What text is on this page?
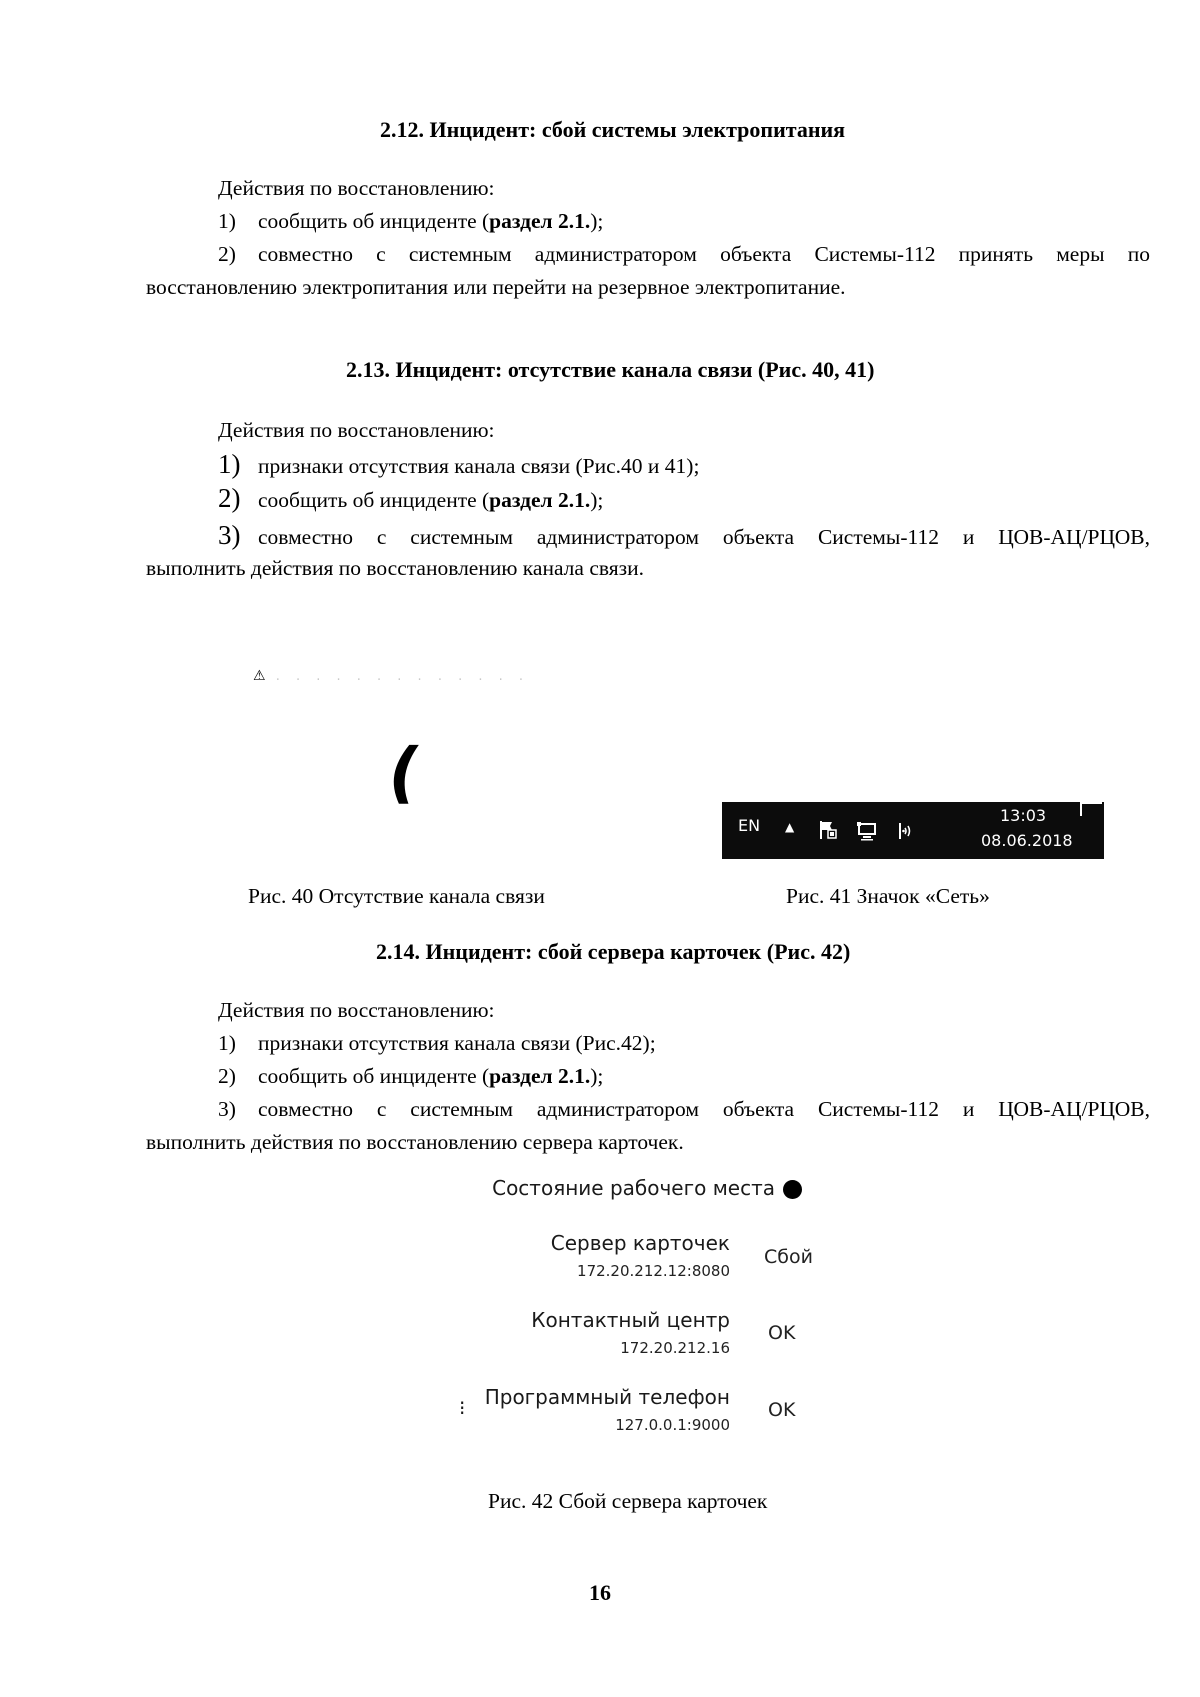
2.12. Инцидент: сбой системы электропитания
Действия по восстановлению:
1) сообщить об инциденте (раздел 2.1.);
2) совместно с системным администратором объекта Системы-112 принять меры по
восстановлению электропитания или перейти на резервное электропитание.
2.13. Инцидент: отсутствие канала связи (Рис. 40, 41)
Действия по восстановлению:
1) признаки отсутствия канала связи (Рис.40 и 41);
2) сообщить об инциденте (раздел 2.1.);
3) совместно с системным администратором объекта Системы-112 и ЦОВ-АЦ/РЦОВ,
выполнить действия по восстановлению канала связи.
⚠ . . . . . . . . . . . . .
(
Рис. 40 Отсутствие канала связи
EN ▲
13:03
08.06.2018
Рис. 41 Значок «Сеть»
2.14. Инцидент: сбой сервера карточек (Рис. 42)
Действия по восстановлению:
1) признаки отсутствия канала связи (Рис.42);
2) сообщить об инциденте (раздел 2.1.);
3) совместно с системным администратором объекта Системы-112 и ЦОВ-АЦ/РЦОВ,
выполнить действия по восстановлению сервера карточек.
Состояние рабочего места
Сервер карточек
172.20.212.12:8080
Сбой
Контактный центр
172.20.212.16
OK
⁝ Программный телефон
127.0.0.1:9000
OK
Рис. 42 Сбой сервера карточек
16
